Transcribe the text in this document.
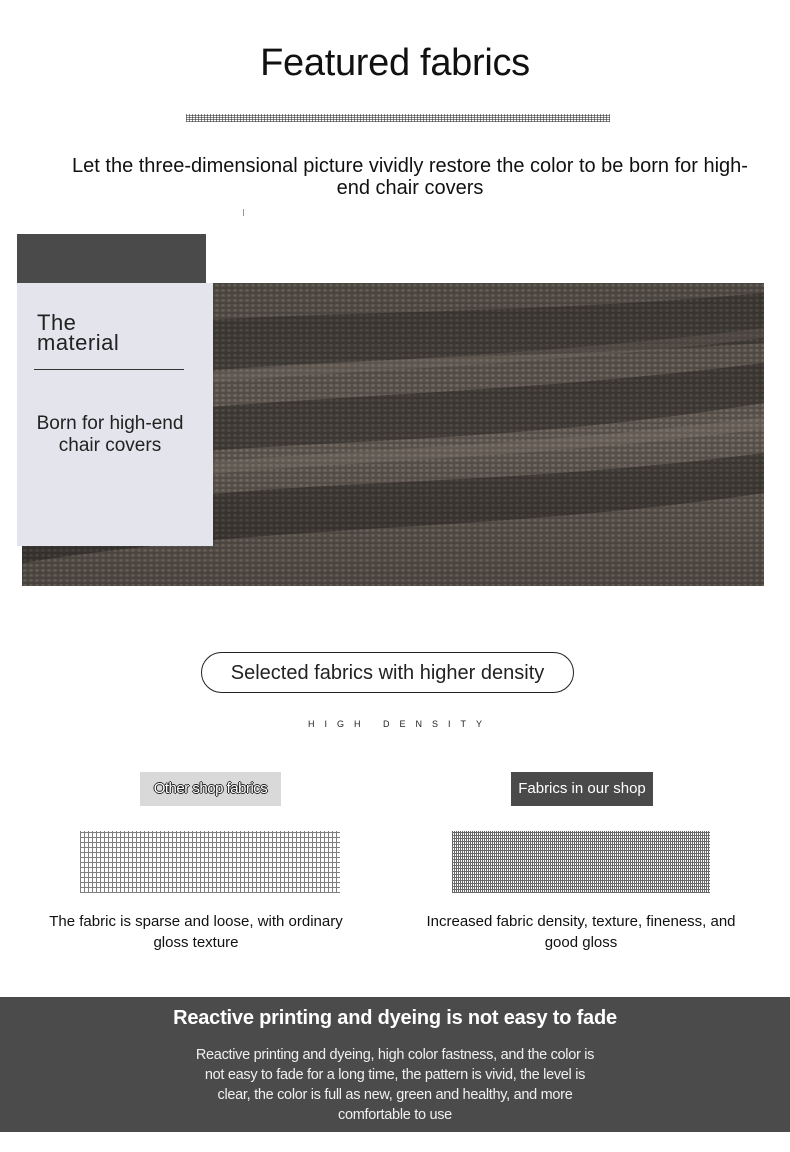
Featured fabrics
Let the three-dimensional picture vividly restore the color to be born for high-end chair covers
The
material
Born for high-end chair covers
Selected fabrics with higher density
HIGH DENSITY
Other shop fabrics	Fabrics in our shop
The fabric is sparse and loose, with ordinary gloss texture
Increased fabric density, texture, fineness, and good gloss
Reactive printing and dyeing is not easy to fade
Reactive printing and dyeing, high color fastness, and the color is not easy to fade for a long time, the pattern is vivid, the level is clear, the color is full as new, green and healthy, and more comfortable to use
